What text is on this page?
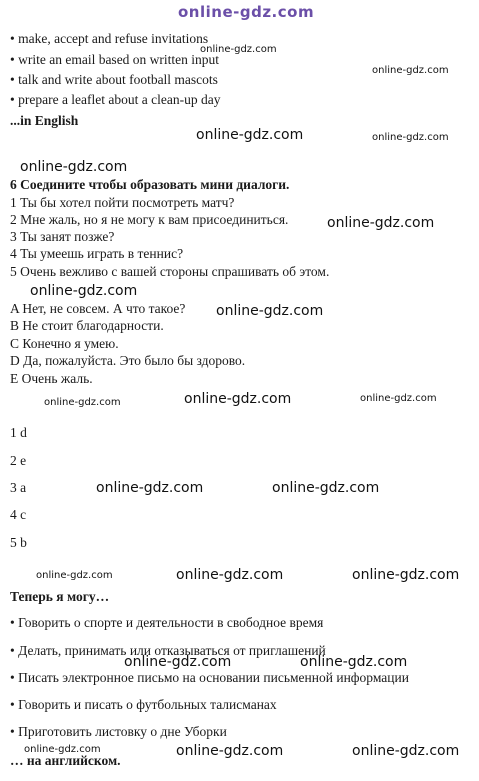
online-gdz.com
• make, accept and refuse invitations
• write an email based on written input
• talk and write about football mascots
• prepare a leaflet about a clean-up day
...in English
6 Соедините чтобы образовать мини диалоги.
1 Ты бы хотел пойти посмотреть матч?
2 Мне жаль, но я не могу к вам присоединиться.
3 Ты занят позже?
4 Ты умеешь играть в теннис?
5 Очень вежливо с вашей стороны спрашивать об этом.
A Нет, не совсем. А что такое?
B Не стоит благодарности.
C Конечно я умею.
D Да, пожалуйста. Это было бы здорово.
E Очень жаль.
1 d
2 e
3 a
4 c
5 b
Теперь я могу…
• Говорить о спорте и деятельности в свободное время
• Делать, принимать или отказываться от приглашений
• Писать электронное письмо на основании письменной информации
• Говорить и писать о футбольных талисманах
• Приготовить листовку о дне Уборки
… на английском.
online-gdz.com
online-gdz.com
online-gdz.com	online-gdz.com
online-gdz.com
online-gdz.com
online-gdz.com
online-gdz.com
online-gdz.com	online-gdz.com	online-gdz.com
online-gdz.com	online-gdz.com
online-gdz.com	online-gdz.com	online-gdz.com
online-gdz.com	online-gdz.com
online-gdz.com	online-gdz.com	online-gdz.com
